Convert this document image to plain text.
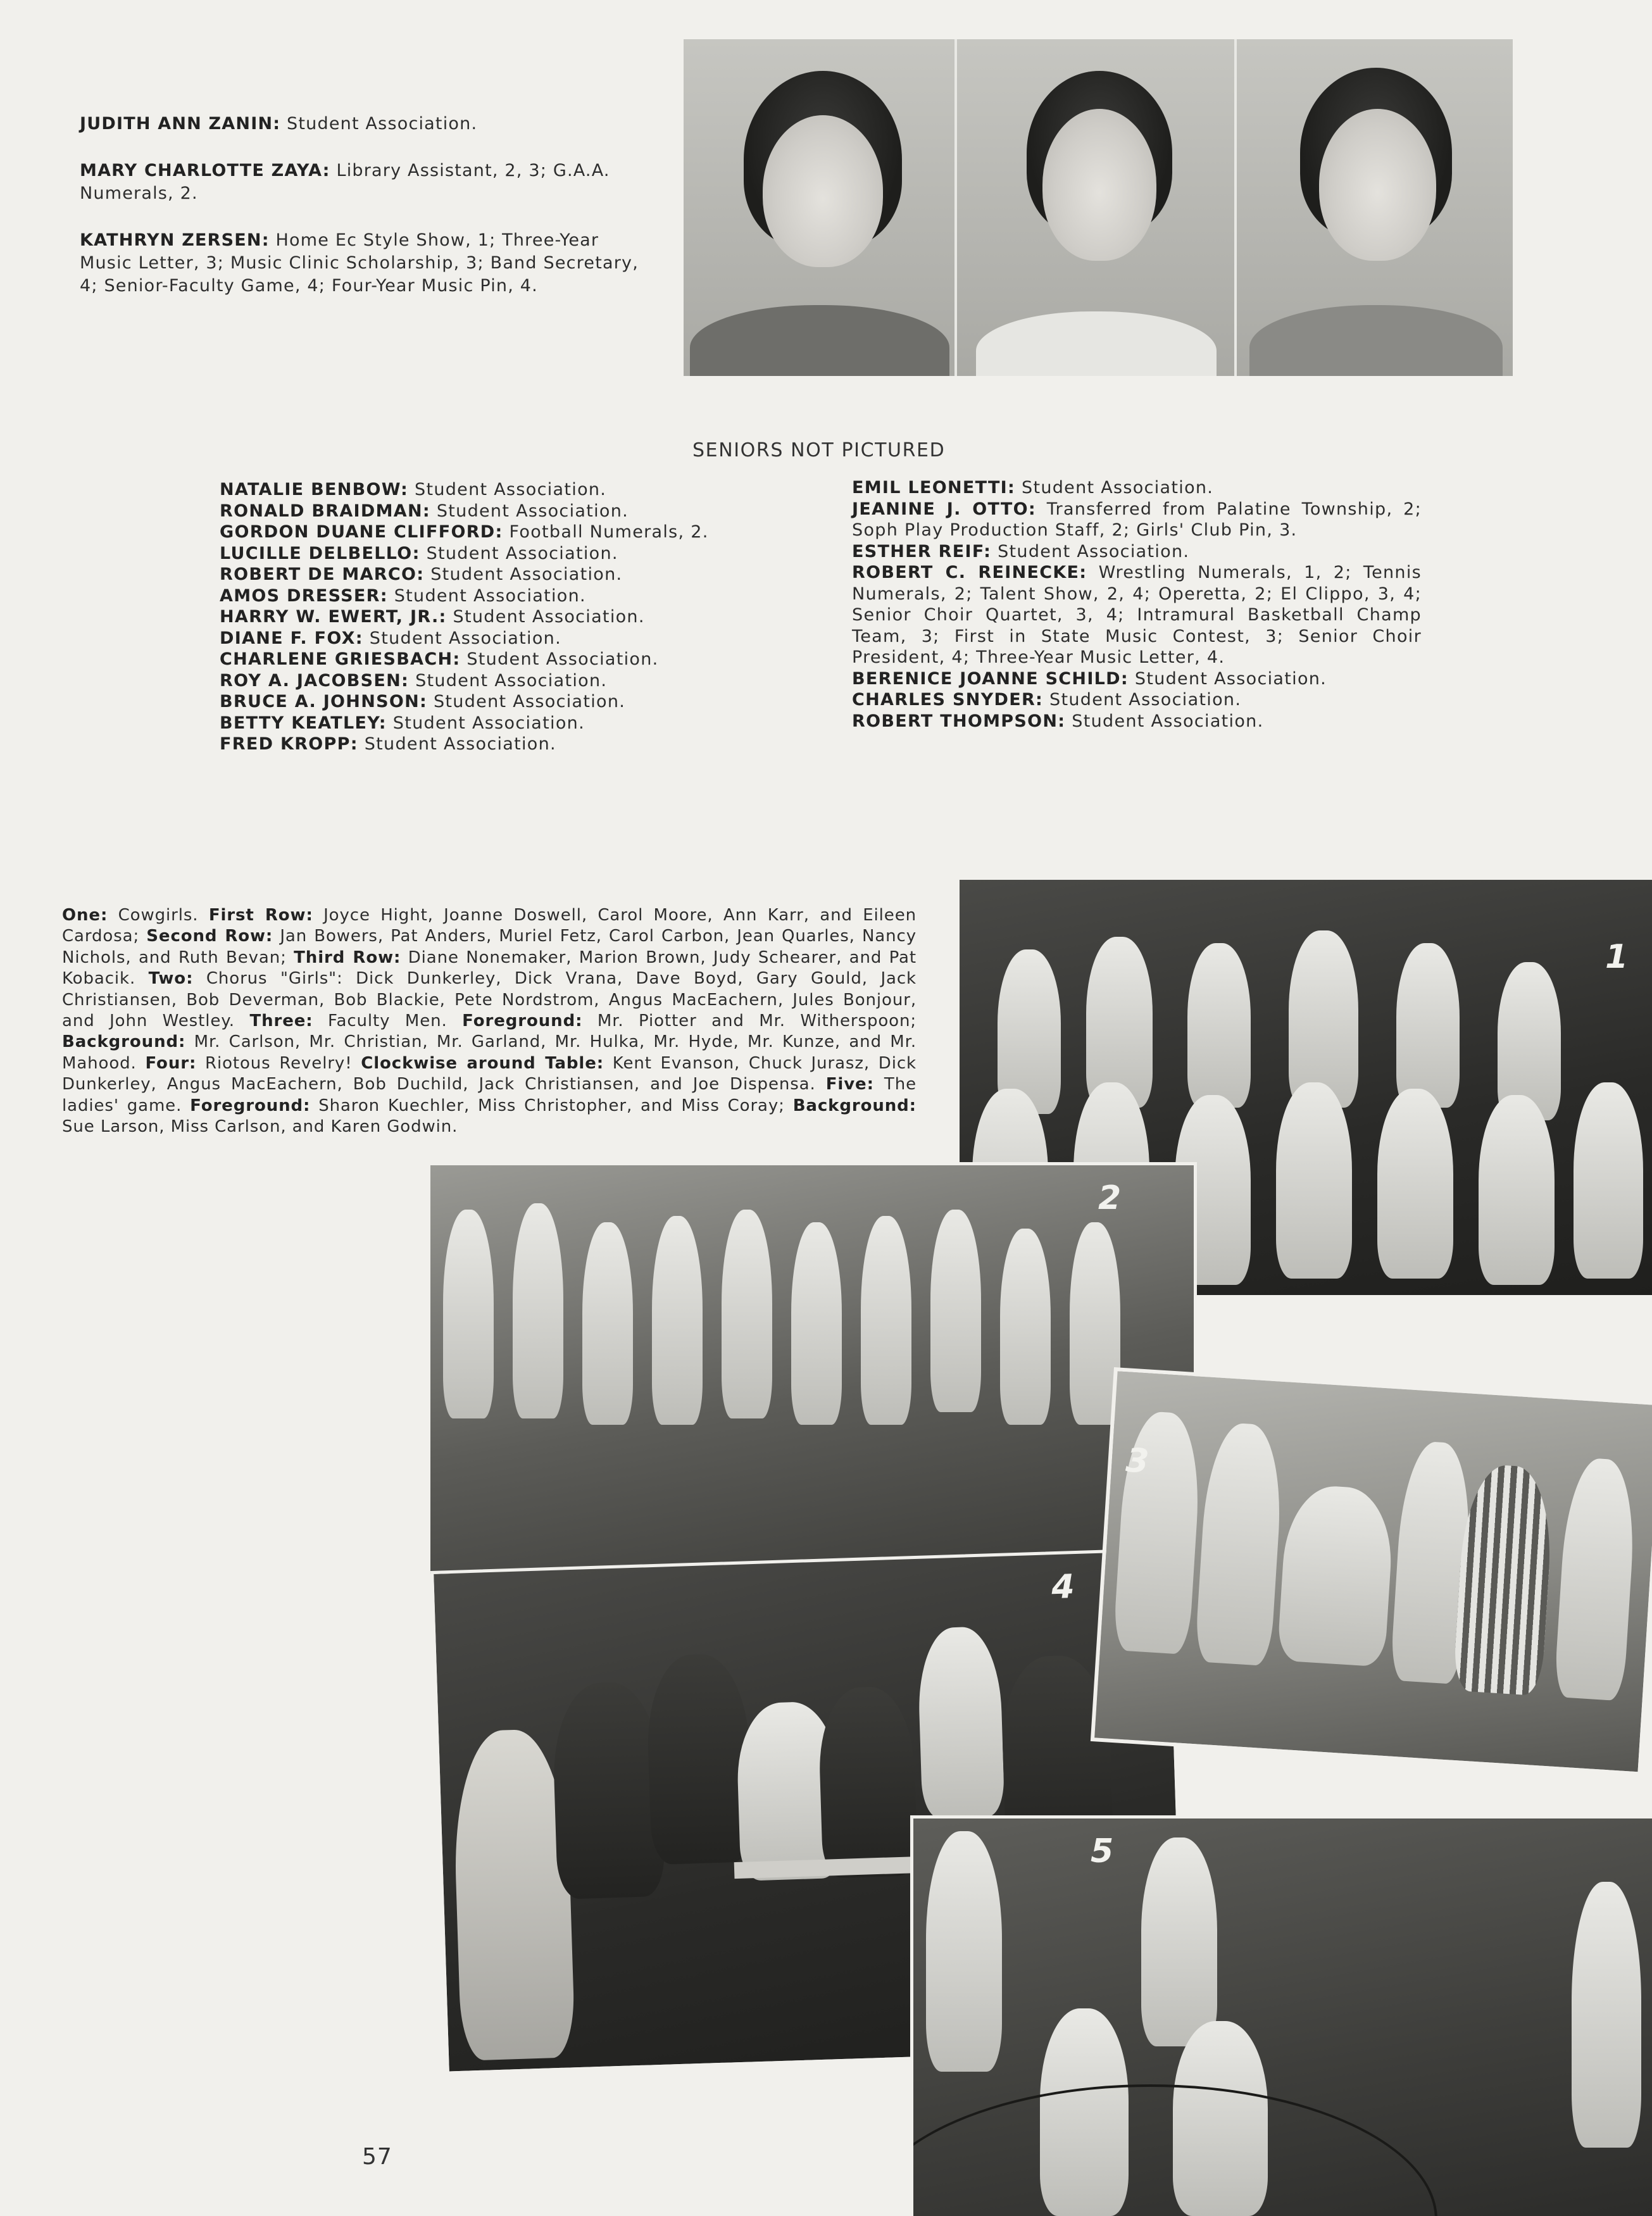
JUDITH ANN ZANIN: Student Association.

MARY CHARLOTTE ZAYA: Library Assistant, 2, 3; G.A.A. Numerals, 2.

KATHRYN ZERSEN: Home Ec Style Show, 1; Three-Year Music Letter, 3; Music Clinic Scholarship, 3; Band Secretary, 4; Senior-Faculty Game, 4; Four-Year Music Pin, 4.

SENIORS NOT PICTURED
NATALIE BENBOW: Student Association.
RONALD BRAIDMAN: Student Association.
GORDON DUANE CLIFFORD: Football Numerals, 2.
LUCILLE DELBELLO: Student Association.
ROBERT DE MARCO: Student Association.
AMOS DRESSER: Student Association.
HARRY W. EWERT, JR.: Student Association.
DIANE F. FOX: Student Association.
CHARLENE GRIESBACH: Student Association.
ROY A. JACOBSEN: Student Association.
BRUCE A. JOHNSON: Student Association.
BETTY KEATLEY: Student Association.
FRED KROPP: Student Association.
EMIL LEONETTI: Student Association.
JEANINE J. OTTO: Transferred from Palatine Township, 2; Soph Play Production Staff, 2; Girls' Club Pin, 3.
ESTHER REIF: Student Association.
ROBERT C. REINECKE: Wrestling Numerals, 1, 2; Tennis Numerals, 2; Talent Show, 2, 4; Operetta, 2; El Clippo, 3, 4; Senior Choir Quartet, 3, 4; Intramural Basketball Champ Team, 3; First in State Music Contest, 3; Senior Choir President, 4; Three-Year Music Letter, 4.
BERENICE JOANNE SCHILD: Student Association.
CHARLES SNYDER: Student Association.
ROBERT THOMPSON: Student Association.
One: Cowgirls. First Row: Joyce Hight, Joanne Doswell, Carol Moore, Ann Karr, and Eileen Cardosa; Second Row: Jan Bowers, Pat Anders, Muriel Fetz, Carol Carbon, Jean Quarles, Nancy Nichols, and Ruth Bevan; Third Row: Diane Nonemaker, Marion Brown, Judy Schearer, and Pat Kobacik. Two: Chorus "Girls": Dick Dunkerley, Dick Vrana, Dave Boyd, Gary Gould, Jack Christiansen, Bob Deverman, Bob Blackie, Pete Nordstrom, Angus MacEachern, Jules Bonjour, and John Westley. Three: Faculty Men. Foreground: Mr. Piotter and Mr. Witherspoon; Background: Mr. Carlson, Mr. Christian, Mr. Garland, Mr. Hulka, Mr. Hyde, Mr. Kunze, and Mr. Mahood. Four: Riotous Revelry! Clockwise around Table: Kent Evanson, Chuck Jurasz, Dick Dunkerley, Angus MacEachern, Bob Duchild, Jack Christiansen, and Joe Dispensa. Five: The ladies' game. Foreground: Sharon Kuechler, Miss Christopher, and Miss Coray; Background: Sue Larson, Miss Carlson, and Karen Godwin.
1
2
4
3
5
57
